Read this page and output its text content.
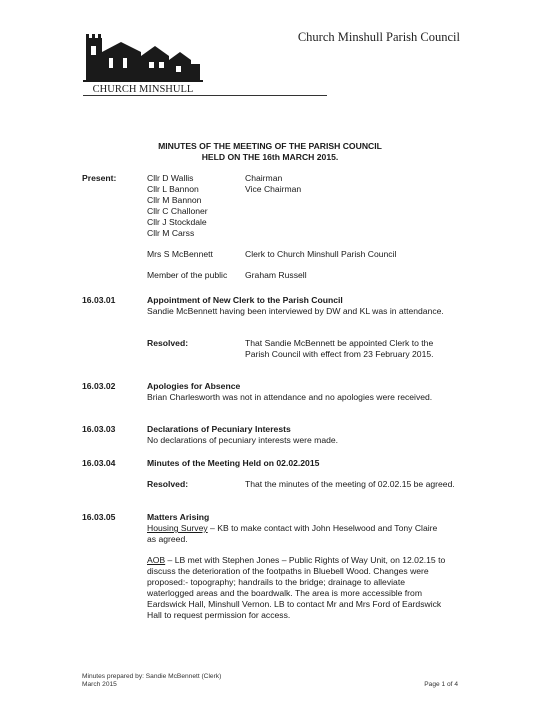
CHURCH MINSHULL
Church Minshull Parish Council
MINUTES OF THE MEETING OF THE PARISH COUNCIL
HELD ON THE 16th MARCH 2015.
Present:	Cllr D Wallis	Chairman
Cllr L Bannon	Vice Chairman
Cllr M Bannon
Cllr C Challoner
Cllr J Stockdale
Cllr M Carss
Mrs S McBennett	Clerk to Church Minshull Parish Council
Member of the public Graham Russell
16.03.01	Appointment of New Clerk to the Parish Council
Sandie McBennett having been interviewed by DW and KL was in attendance.
Resolved:	That Sandie McBennett be appointed Clerk to the Parish Council with effect from 23 February 2015.
16.03.02	Apologies for Absence
Brian Charlesworth was not in attendance and no apologies were received.
16.03.03	Declarations of Pecuniary Interests
No declarations of pecuniary interests were made.
16.03.04	Minutes of the Meeting Held on 02.02.2015
Resolved:	That the minutes of the meeting of 02.02.15 be agreed.
16.03.05	Matters Arising
Housing Survey – KB to make contact with John Heselwood and Tony Claire as agreed.
AOB – LB met with Stephen Jones – Public Rights of Way Unit, on 12.02.15 to discuss the deterioration of the footpaths in Bluebell Wood. Changes were proposed:- topography; handrails to the bridge; drainage to alleviate waterlogged areas and the boardwalk. The area is more accessible from Eardswick Hall, Minshull Vernon. LB to contact Mr and Mrs Ford of Eardswick Hall to request permission for access.
Minutes prepared by: Sandie McBennett (Clerk)
March 2015	Page 1 of 4
